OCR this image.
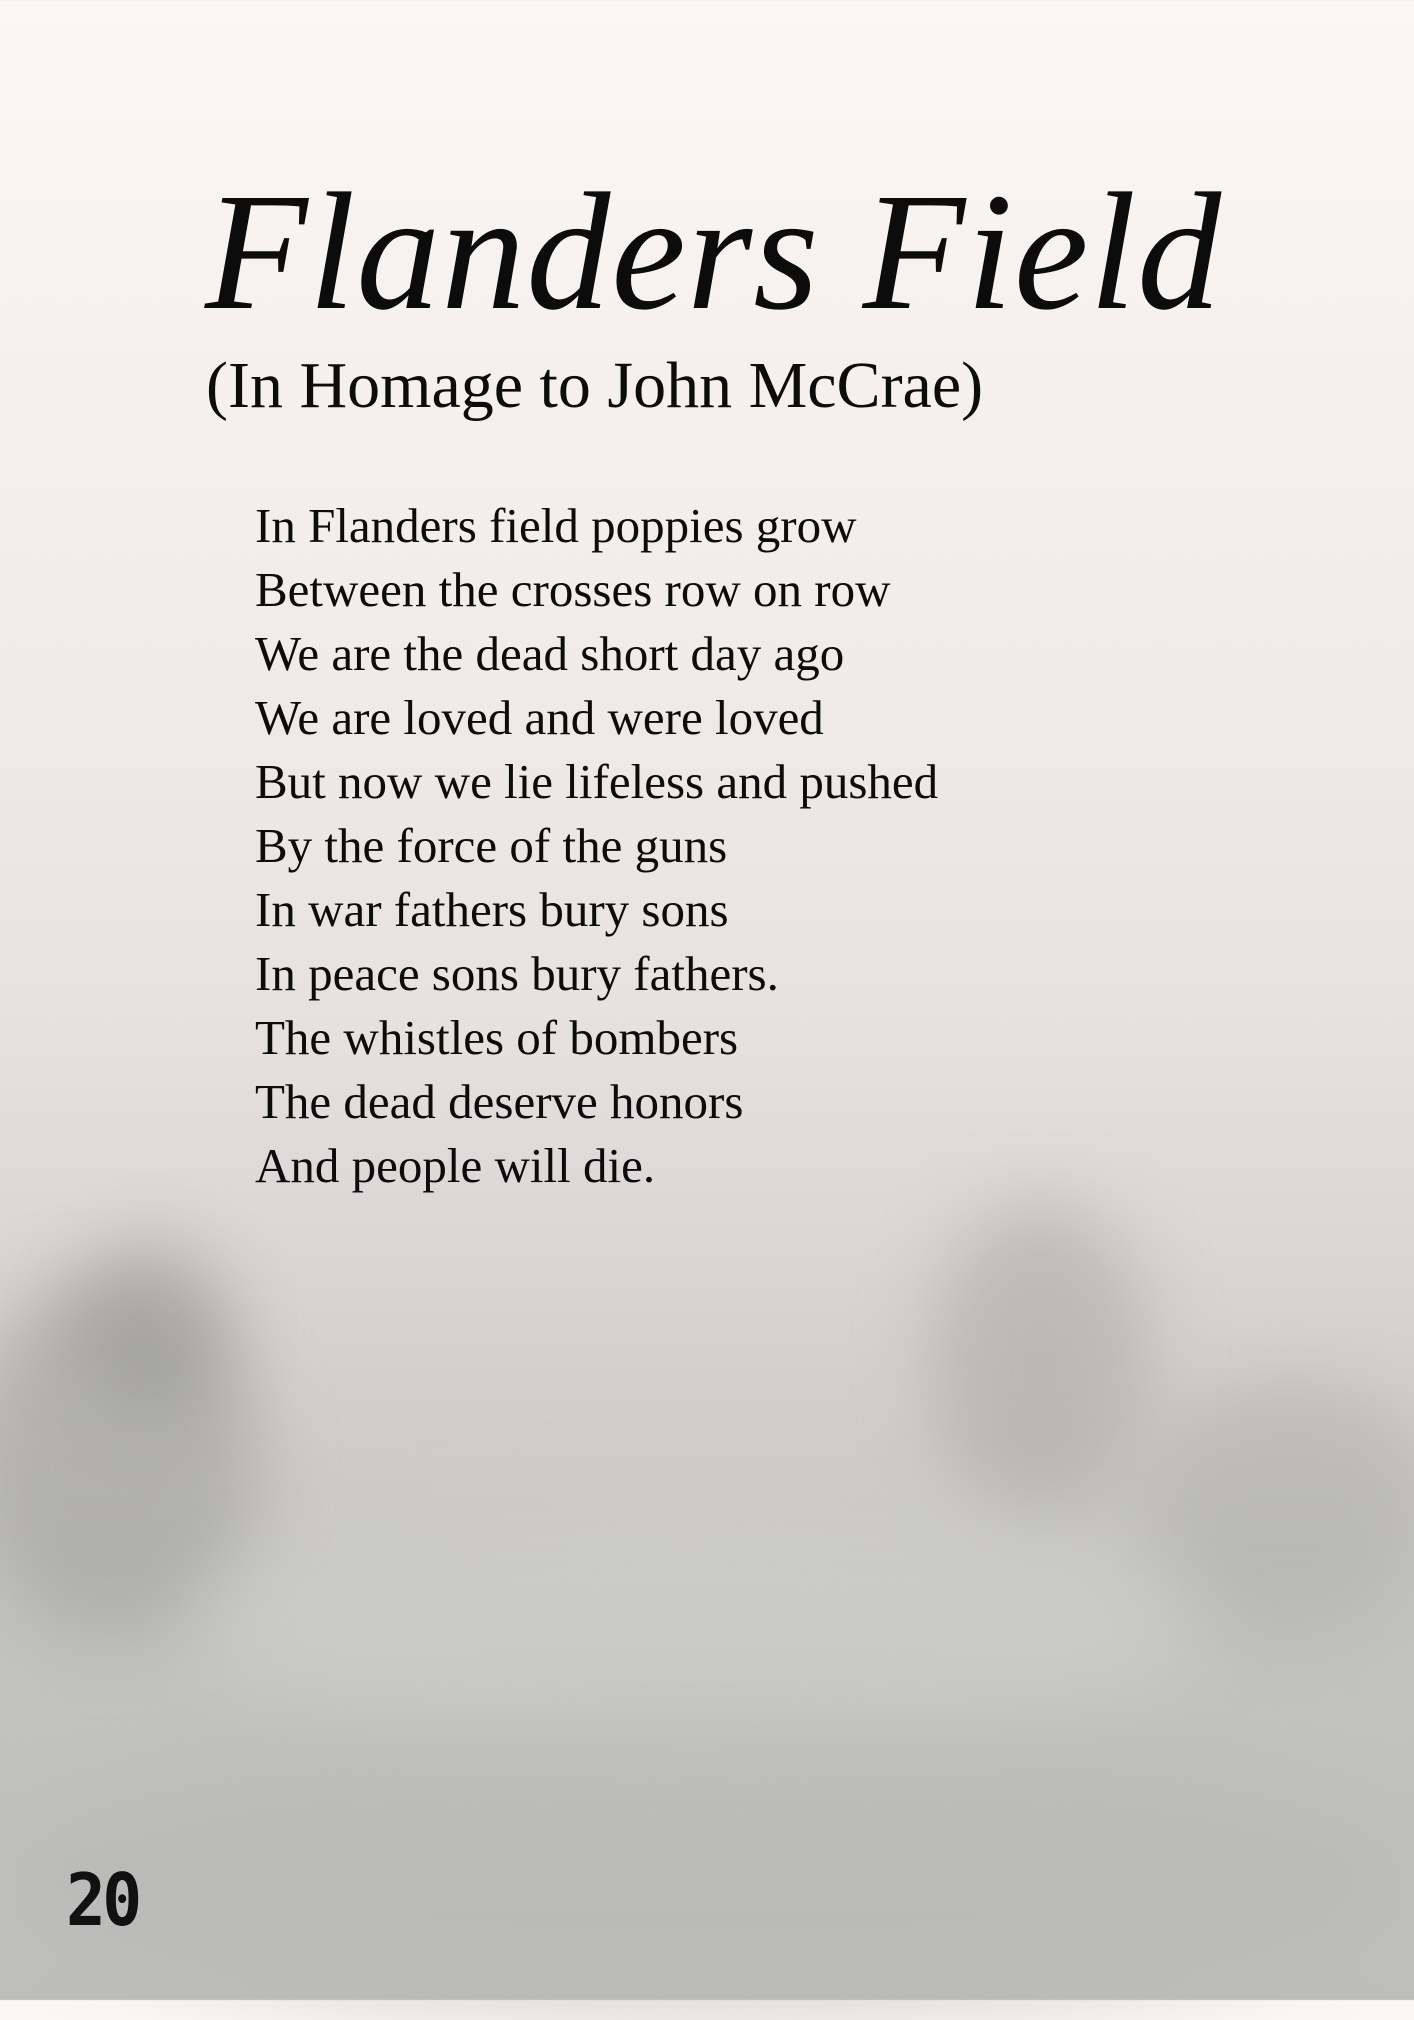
Flanders Field
(In Homage to John McCrae)
In Flanders field poppies grow
Between the crosses row on row
We are the dead short day ago
We are loved and were loved
But now we lie lifeless and pushed
By the force of the guns
In war fathers bury sons
In peace sons bury fathers.
The whistles of bombers
The dead deserve honors
And people will die.
20
